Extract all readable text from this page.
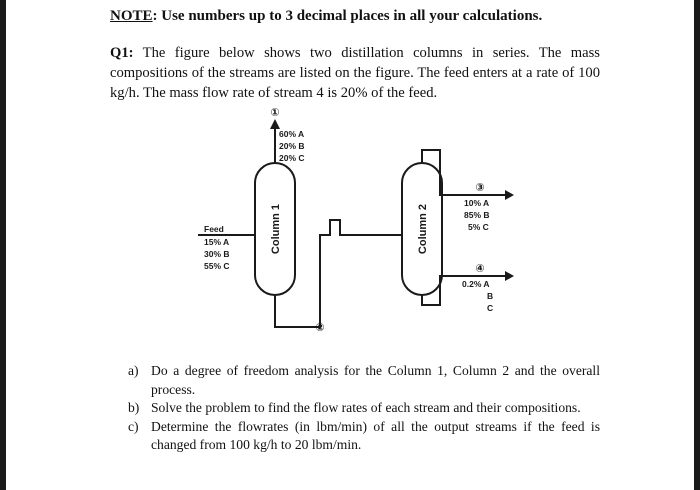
NOTE: Use numbers up to 3 decimal places in all your calculations.
Q1: The figure below shows two distillation columns in series. The mass compositions of the streams are listed on the figure. The feed enters at a rate of 100 kg/h. The mass flow rate of stream 4 is 20% of the feed.
Column 1	Column 2
①
②
③
④
60% A
20% B
20% C
Feed
15% A
30% B
55% C
10% A
85% B
5% C
0.2% A
B
C
a) Do a degree of freedom analysis for the Column 1, Column 2 and the overall process.
b) Solve the problem to find the flow rates of each stream and their compositions.
c) Determine the flowrates (in lbm/min) of all the output streams if the feed is changed from 100 kg/h to 20 lbm/min.
